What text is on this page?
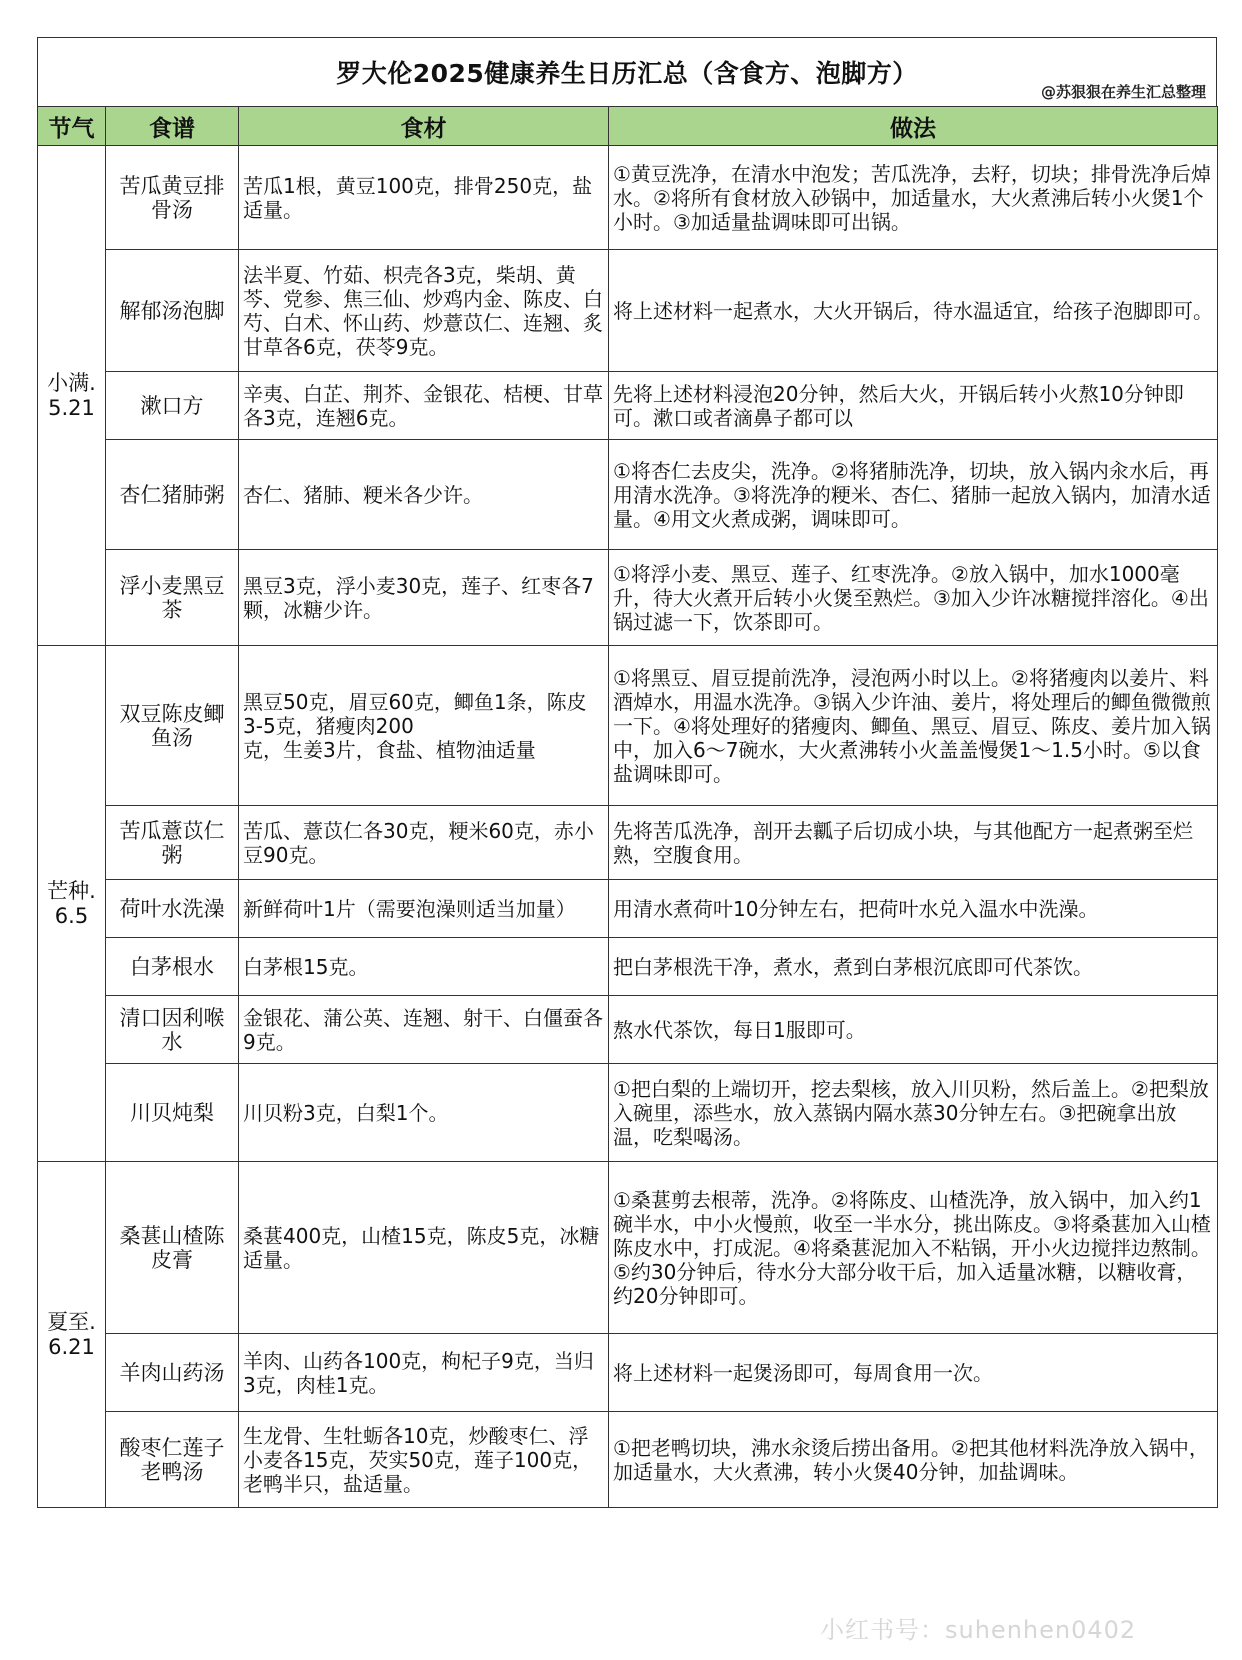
罗大伦2025健康养生日历汇总（含食方、泡脚方）
@苏狠狠在养生汇总整理
节气	食谱	食材	做法
小满.
5.21	苦瓜黄豆排骨汤	苦瓜1根，黄豆100克，排骨250克，盐适量。	①黄豆洗净，在清水中泡发；苦瓜洗净，去籽，切块；排骨洗净后焯水。②将所有食材放入砂锅中，加适量水，大火煮沸后转小火煲1个小时。③加适量盐调味即可出锅。
	解郁汤泡脚	法半夏、竹茹、枳壳各3克，柴胡、黄芩、党参、焦三仙、炒鸡内金、陈皮、白芍、白术、怀山药、炒薏苡仁、连翘、炙甘草各6克，茯苓9克。	将上述材料一起煮水，大火开锅后，待水温适宜，给孩子泡脚即可。
	漱口方	辛夷、白芷、荆芥、金银花、桔梗、甘草各3克，连翘6克。	先将上述材料浸泡20分钟，然后大火，开锅后转小火熬10分钟即可。漱口或者滴鼻子都可以
	杏仁猪肺粥	杏仁、猪肺、粳米各少许。	①将杏仁去皮尖，洗净。②将猪肺洗净，切块，放入锅内汆水后，再用清水洗净。③将洗净的粳米、杏仁、猪肺一起放入锅内，加清水适量。④用文火煮成粥，调味即可。
	浮小麦黑豆茶	黑豆3克，浮小麦30克，莲子、红枣各7颗，冰糖少许。	①将浮小麦、黑豆、莲子、红枣洗净。②放入锅中，加水1000毫升，待大火煮开后转小火煲至熟烂。③加入少许冰糖搅拌溶化。④出锅过滤一下，饮茶即可。
芒种.
6.5	双豆陈皮鲫鱼汤	黑豆50克，眉豆60克，鲫鱼1条，陈皮3-5克，猪瘦肉200
克，生姜3片，食盐、植物油适量	①将黑豆、眉豆提前洗净，浸泡两小时以上。②将猪瘦肉以姜片、料酒焯水，用温水洗净。③锅入少许油、姜片，将处理后的鲫鱼微微煎一下。④将处理好的猪瘦肉、鲫鱼、黑豆、眉豆、陈皮、姜片加入锅中，加入6～7碗水，大火煮沸转小火盖盖慢煲1～1.5小时。⑤以食盐调味即可。
	苦瓜薏苡仁粥	苦瓜、薏苡仁各30克，粳米60克，赤小豆90克。	先将苦瓜洗净，剖开去瓤子后切成小块，与其他配方一起煮粥至烂熟，空腹食用。
	荷叶水洗澡	新鲜荷叶1片（需要泡澡则适当加量）	用清水煮荷叶10分钟左右，把荷叶水兑入温水中洗澡。
	白茅根水	白茅根15克。	把白茅根洗干净，煮水，煮到白茅根沉底即可代茶饮。
	清口因利喉水	金银花、蒲公英、连翘、射干、白僵蚕各9克。	熬水代茶饮，每日1服即可。
	川贝炖梨	川贝粉3克，白梨1个。	①把白梨的上端切开，挖去梨核，放入川贝粉，然后盖上。②把梨放入碗里，添些水，放入蒸锅内隔水蒸30分钟左右。③把碗拿出放温，吃梨喝汤。
夏至.
6.21	桑葚山楂陈皮膏	桑葚400克，山楂15克，陈皮5克，冰糖适量。	①桑葚剪去根蒂，洗净。②将陈皮、山楂洗净，放入锅中，加入约1碗半水，中小火慢煎，收至一半水分，挑出陈皮。③将桑葚加入山楂陈皮水中，打成泥。④将桑葚泥加入不粘锅，开小火边搅拌边熬制。⑤约30分钟后，待水分大部分收干后，加入适量冰糖，以糖收膏，约20分钟即可。
	羊肉山药汤	羊肉、山药各100克，枸杞子9克，当归3克，肉桂1克。	将上述材料一起煲汤即可，每周食用一次。
	酸枣仁莲子老鸭汤	生龙骨、生牡蛎各10克，炒酸枣仁、浮小麦各15克，芡实50克，莲子100克，老鸭半只，盐适量。	①把老鸭切块，沸水汆烫后捞出备用。②把其他材料洗净放入锅中，加适量水，大火煮沸，转小火煲40分钟，加盐调味。
小红书号：suhenhen0402
